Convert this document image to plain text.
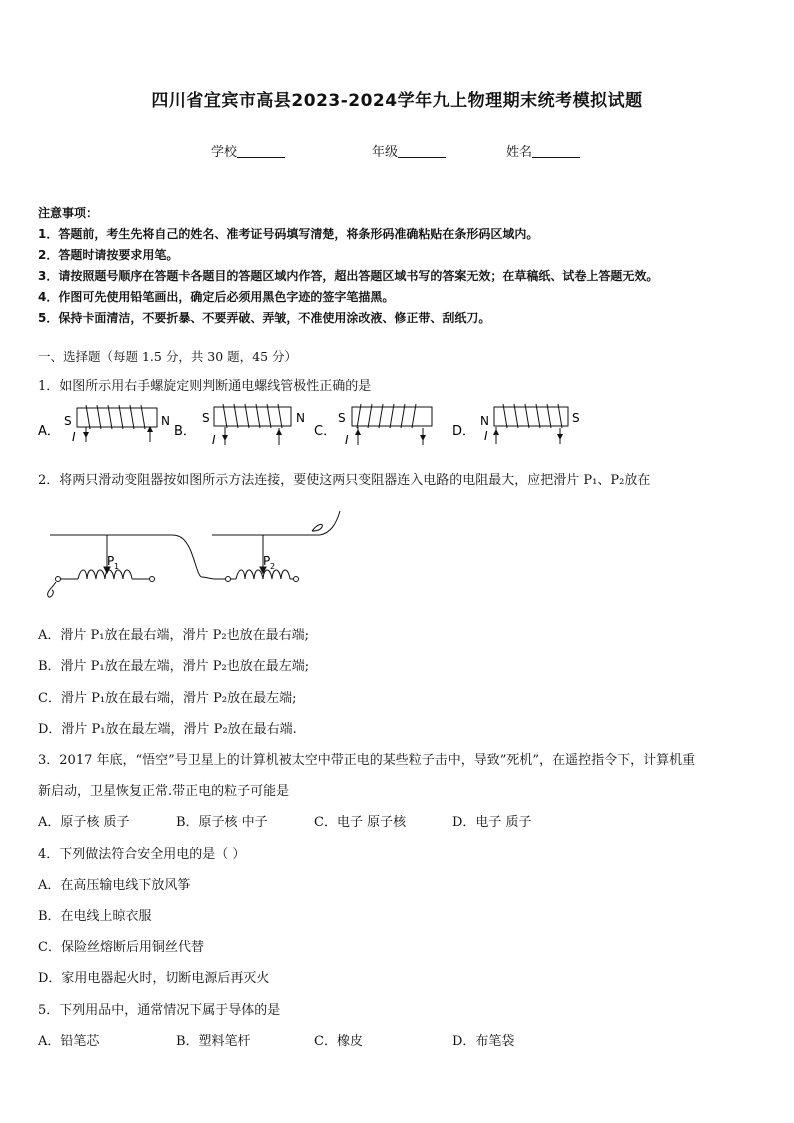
四川省宜宾市高县2023-2024学年九上物理期末统考模拟试题
学校	年级	姓名
注意事项：
1．答题前，考生先将自己的姓名、准考证号码填写清楚，将条形码准确粘贴在条形码区域内。
2．答题时请按要求用笔。
3．请按照题号顺序在答题卡各题目的答题区域内作答，超出答题区域书写的答案无效；在草稿纸、试卷上答题无效。
4．作图可先使用铅笔画出，确定后必须用黑色字迹的签字笔描黑。
5．保持卡面清洁，不要折暴、不要弄破、弄皱，不准使用涂改液、修正带、刮纸刀。
一、选择题（每题 1.5 分，共 30 题，45 分）
1．如图所示用右手螺旋定则判断通电螺线管极性正确的是
A．
S	N
I	B．
S	N
I
C．
S
I
D．
N	S
I
2．将两只滑动变阻器按如图所示方法连接，要使这两只变阻器连入电路的电阻最大，应把滑片 P₁、P₂放在
P 1	P 2
A．滑片 P₁放在最右端，滑片 P₂也放在最右端;
B．滑片 P₁放在最左端，滑片 P₂也放在最左端;
C．滑片 P₁放在最右端，滑片 P₂放在最左端;
D．滑片 P₁放在最左端，滑片 P₂放在最右端.
3．2017 年底，“悟空”号卫星上的计算机被太空中带正电的某些粒子击中，导致”死机”，在遥控指令下，计算机重
新启动，卫星恢复正常.带正电的粒子可能是
A．原子核 质子	B．原子核 中子	C．电子 原子核	D．电子 质子
4．下列做法符合安全用电的是（ ）
A．在高压输电线下放风筝
B．在电线上晾衣服
C．保险丝熔断后用铜丝代替
D．家用电器起火时，切断电源后再灭火
5．下列用品中，通常情况下属于导体的是
A．铅笔芯	B．塑料笔杆	C．橡皮	D．布笔袋
